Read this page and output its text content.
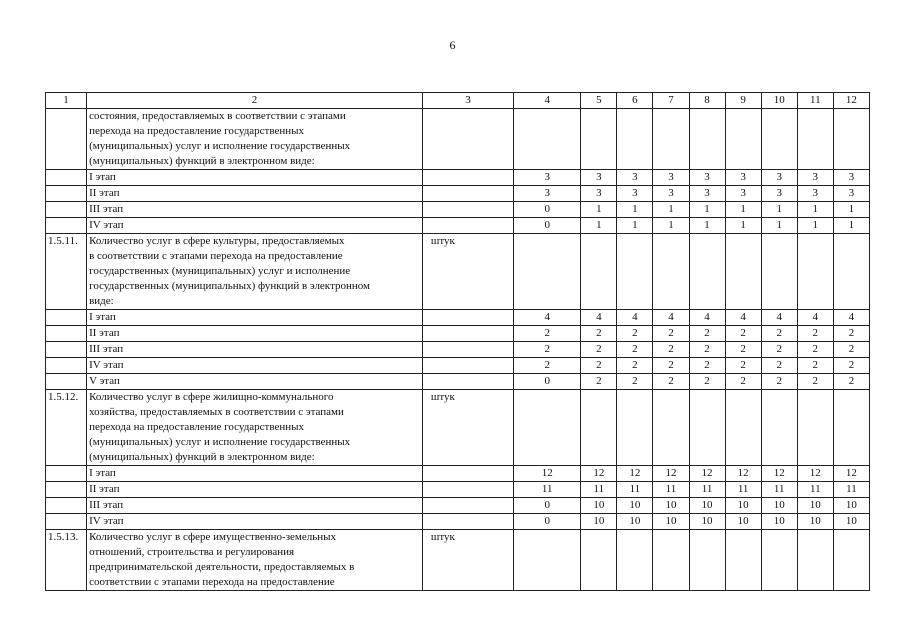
6
1	2	3	4	5	6	7	8	9	10	11	12

	состояния, предоставляемых в соответствии с этапами
перехода на предоставление государственных
(муниципальных) услуг и исполнение государственных
(муниципальных) функций в электронном виде:										

	I этап		3	3	3	3	3	3	3	3	3
	II этап		3	3	3	3	3	3	3	3	3
	III этап		0	1	1	1	1	1	1	1	1
	IV этап		0	1	1	1	1	1	1	1	1
1.5.11.	Количество услуг в сфере культуры, предоставляемых
в соответствии с этапами перехода на предоставление
государственных (муниципальных) услуг и исполнение
государственных (муниципальных) функций в электронном
виде:	штук									
	I этап		4	4	4	4	4	4	4	4	4
	II этап		2	2	2	2	2	2	2	2	2
	III этап		2	2	2	2	2	2	2	2	2
	IV этап		2	2	2	2	2	2	2	2	2
	V этап		0	2	2	2	2	2	2	2	2
1.5.12.	Количество услуг в сфере жилищно-коммунального
хозяйства, предоставляемых в соответствии с этапами
перехода на предоставление государственных
(муниципальных) услуг и исполнение государственных
(муниципальных) функций в электронном виде:	штук									
	I этап		12	12	12	12	12	12	12	12	12
	II этап		11	11	11	11	11	11	11	11	11
	III этап		0	10	10	10	10	10	10	10	10
	IV этап		0	10	10	10	10	10	10	10	10
1.5.13.	Количество услуг в сфере имущественно-земельных
отношений, строительства и регулирования
предпринимательской деятельности, предоставляемых в
соответствии с этапами перехода на предоставление	штук									
